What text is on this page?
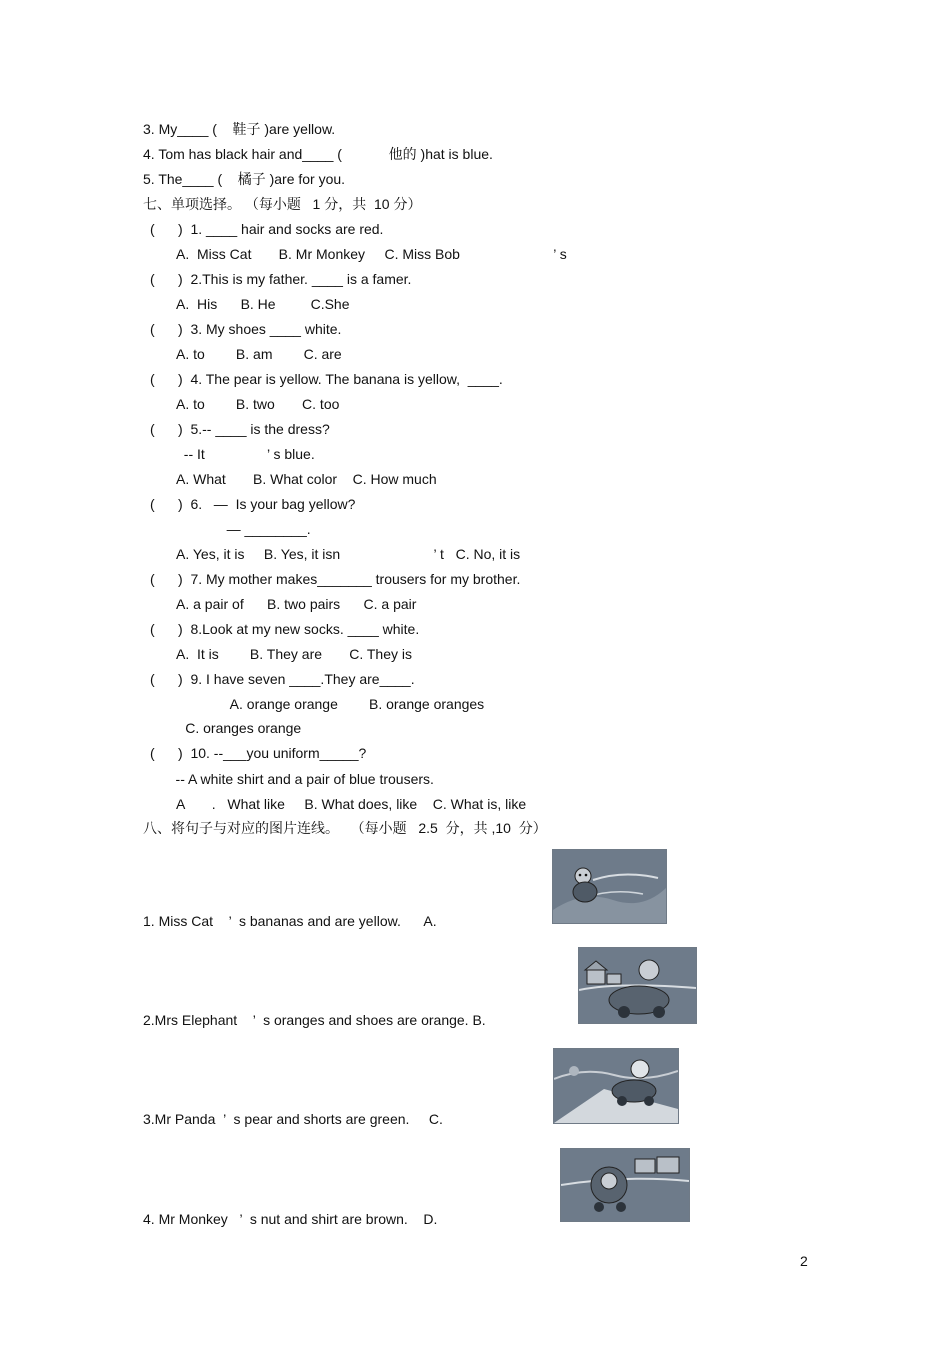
3. My____ (    鞋子 )are yellow.
4. Tom has black hair and____ (            他的 )hat is blue.
5. The____ (    橘子 )are for you.
七、单项选择。 （每小题   1 分，共  10 分）
(      )  1. ____ hair and socks are red.
A.  Miss Cat       B. Mr Monkey     C. Miss Bob                        ’ s
(      )  2.This is my father. ____ is a famer.
A.  His      B. He         C.She
(      )  3. My shoes ____ white.
A. to        B. am        C. are
(      )  4. The pear is yellow. The banana is yellow,  ____.
A. to        B. two       C. too
(      )  5.-- ____ is the dress?
-- It                ’ s blue.
A. What       B. What color    C. How much
(      )  6.   —  Is your bag yellow?
— ________.
A. Yes, it is     B. Yes, it isn                        ’ t   C. No, it is
(      )  7. My mother makes_______ trousers for my brother.
A. a pair of      B. two pairs      C. a pair
(      )  8.Look at my new socks. ____ white.
A.  It is        B. They are       C. They is
(      )  9. I have seven ____.They are____.
A. orange orange        B. orange oranges
C. oranges orange
(      )  10. --___you uniform_____?
-- A white shirt and a pair of blue trousers.
A       .   What like     B. What does, like    C. What is, like
八、将句子与对应的图片连线。   （每小题   2.5  分，共 ,10  分）
1. Miss Cat    ’  s bananas and are yellow.      A.
2.Mrs Elephant    ’  s oranges and shoes are orange. B.
3.Mr Panda  ’  s pear and shorts are green.     C.
4. Mr Monkey   ’  s nut and shirt are brown.    D.
2
